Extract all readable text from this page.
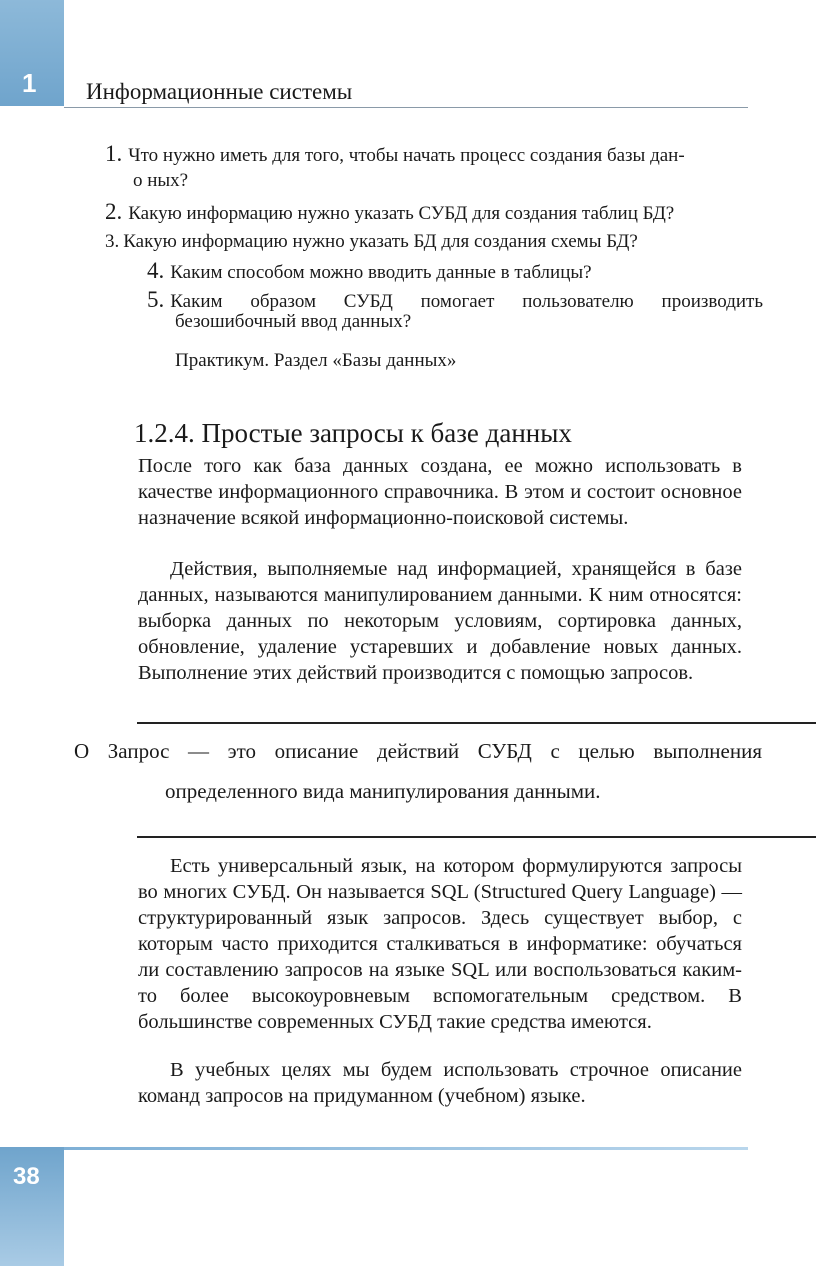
1 Информационные системы
1. Что нужно иметь для того, чтобы начать процесс создания базы дан-
о ных?
2. Какую информацию нужно указать СУБД для создания таблиц БД?
3. Какую информацию нужно указать БД для создания схемы БД?
4. Каким способом можно вводить данные в таблицы?
5. Каким образом СУБД помогает пользователю производить
безошибочный ввод данных?
Практикум. Раздел «Базы данных»
1.2.4. Простые запросы к базе данных

После того как база данных создана, ее можно использовать в качестве информационного справочника. В этом и состоит основное назначение всякой информационно-поисковой системы.

Действия, выполняемые над информацией, хранящейся в базе данных, называются манипулированием данными. К ним относятся: выборка данных по некоторым условиям, сортировка данных, обновление, удаление устаревших и добавление новых данных. Выполнение этих действий производится с помощью запросов.

О Запрос — это описание действий СУБД с целью выполнения
определенного вида манипулирования данными.

Есть универсальный язык, на котором формулируются запросы во многих СУБД. Он называется SQL (Structured Query Language) — структурированный язык запросов. Здесь существует выбор, с которым часто приходится сталкиваться в информатике: обучаться ли составлению запросов на языке SQL или воспользоваться каким-то более высокоуровневым вспомогательным средством. В большинстве современных СУБД такие средства имеются.

В учебных целях мы будем использовать строчное описание команд запросов на придуманном (учебном) языке.

38
